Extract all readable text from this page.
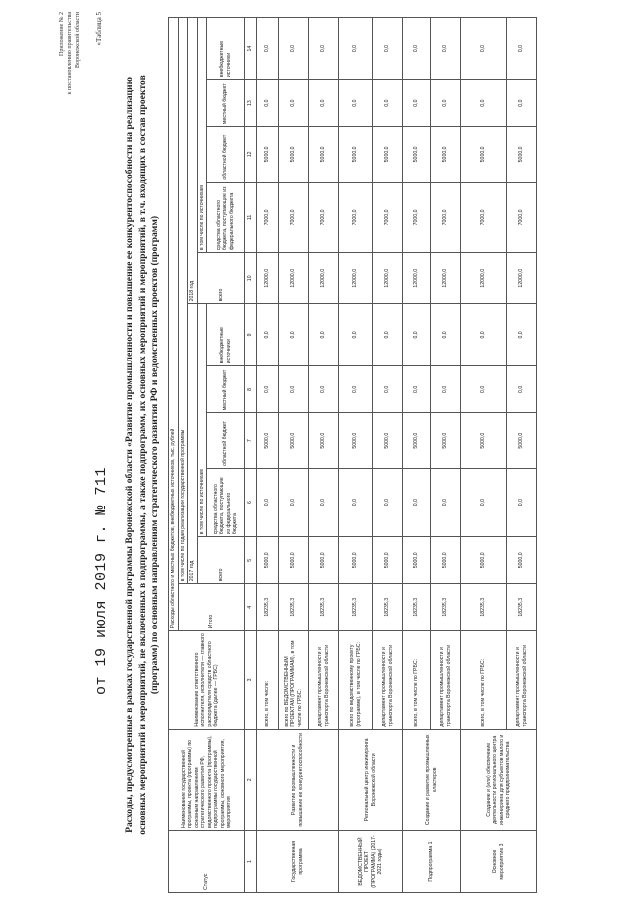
Приложение № 2 к постановлению правительства Воронежской области
от 19 июля 2019 г. № 711
«Таблица 5
Расходы, предусмотренные в рамках государственной программы Воронежской области «Развитие промышленности и повышение ее конкурентоспособности на реализацию основных мероприятий и мероприятий, не включенных в подпрограммы, а также подпрограмм, их основных мероприятий и мероприятий, в т.ч. входящих в состав проектов (программ) по основным направлениям стратегического развития РФ и ведомственных проектов (программ)
Статус	Наименование государственной программы, проекта (программы) по основным направлениям стратегического развития РФ, ведомственного проекта (программы), подпрограммы государственной программы, основного мероприятия, мероприятия	Наименование ответственного исполнителя, исполнителя — главного распорядителя средств областного бюджета (далее — ГРБС)	Расходы областного и местных бюджетов, внебюджетных источников, тыс. рублей										
			Итого	в том числе по годам реализации государственной программы									
				2017 год					2018 год				
				всего	в том числе по источникам				всего	в том числе по источникам			
					средства областного бюджета, поступающие из федерального бюджета	областной бюджет	местный бюджет	внебюджетные источники		средства областного бюджета, поступающие из федерального бюджета	областной бюджет	местный бюджет	внебюджетные источники
1	2	3	4	5	6	7	8	9	10	11	12	13	14
Государственная программа	Развитие промышленности и повышение ее конкурентоспособности	всего, в том числе:	18235,3	5000,0	0,0	5000,0	0,0	0,0	12000,0	7000,0	5000,0	0,0	0,0
		всего по ВЕДОМСТВЕННЫМ ПРОЕКТАМ (ПРОГРАММАМ), в том числе по ГРБС:	18235,3	5000,0	0,0	5000,0	0,0	0,0	12000,0	7000,0	5000,0	0,0	0,0
		департамент промышленности и транспорта Воронежской области	18235,3	5000,0	0,0	5000,0	0,0	0,0	12000,0	7000,0	5000,0	0,0	0,0
ВЕДОМСТВЕННЫЙ ПРОЕКТ (ПРОГРАММА) (2017-2021 годы)	Региональный центр инжиниринга Воронежской области	всего по ведомственному проекту (программе), в том числе по ГРБС:	18235,3	5000,0	0,0	5000,0	0,0	0,0	12000,0	7000,0	5000,0	0,0	0,0
		департамент промышленности и транспорта Воронежской области	18235,3	5000,0	0,0	5000,0	0,0	0,0	12000,0	7000,0	5000,0	0,0	0,0
Подпрограмма 1	Создание и развитие промышленных кластеров	всего, в том числе по ГРБС:	18235,3	5000,0	0,0	5000,0	0,0	0,0	12000,0	7000,0	5000,0	0,0	0,0
		департамент промышленности и транспорта Воронежской области	18235,3	5000,0	0,0	5000,0	0,0	0,0	12000,0	7000,0	5000,0	0,0	0,0
Основное мероприятие 3	Создание и (или) обеспечение деятельности регионального центра инжиниринга для субъектов малого и среднего предпринимательства	всего, в том числе по ГРБС:	18235,3	5000,0	0,0	5000,0	0,0	0,0	12000,0	7000,0	5000,0	0,0	0,0
		департамент промышленности и транспорта Воронежской области	18235,3	5000,0	0,0	5000,0	0,0	0,0	12000,0	7000,0	5000,0	0,0	0,0
